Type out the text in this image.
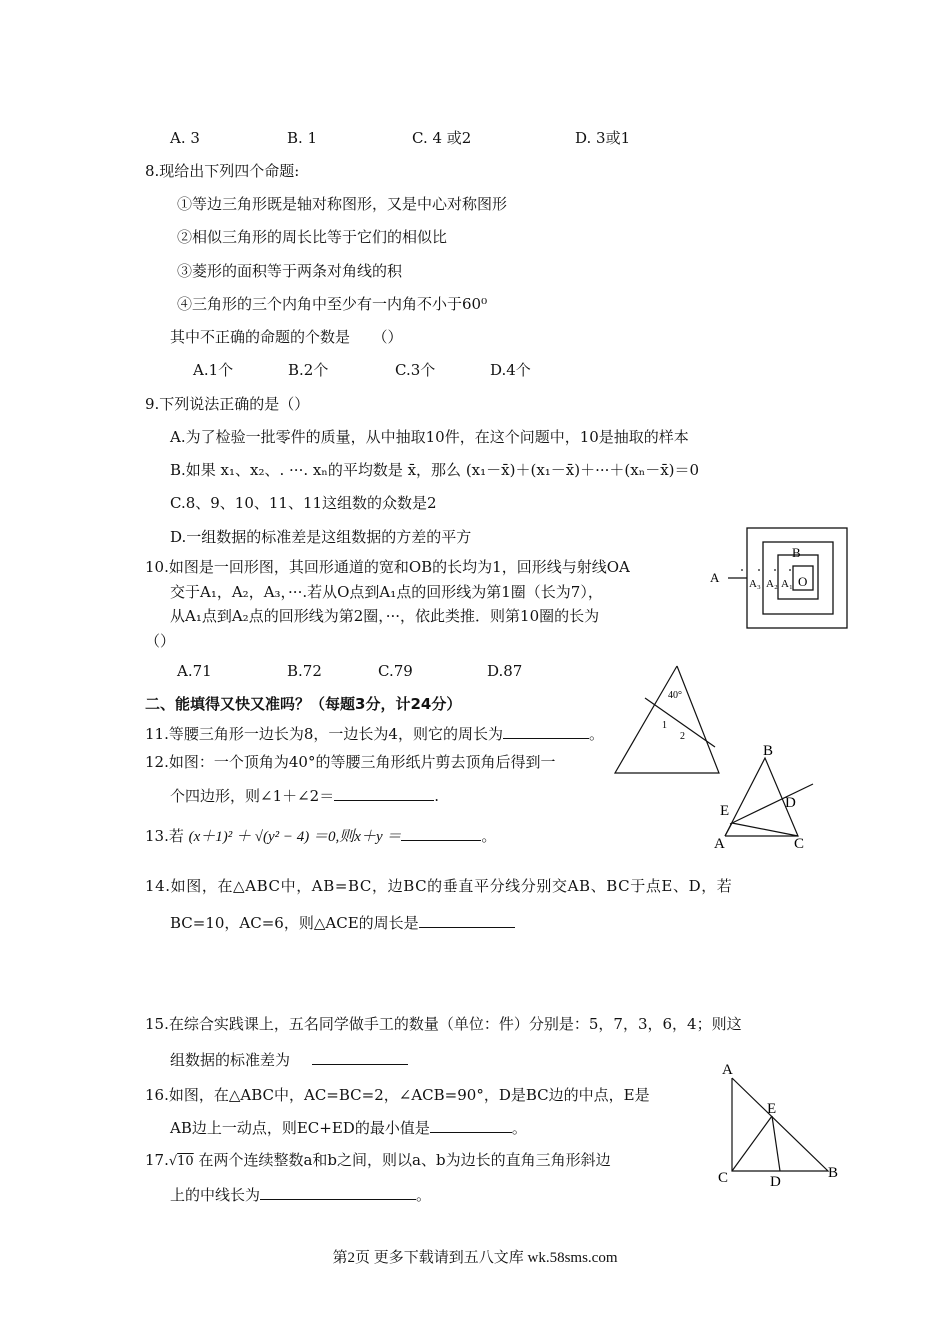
A. 3	B. 1	C. 4 或2	D. 3或1
8.现给出下列四个命题:
①等边三角形既是轴对称图形，又是中心对称图形
②相似三角形的周长比等于它们的相似比
③菱形的面积等于两条对角线的积
④三角形的三个内角中至少有一内角不小于60⁰
其中不正确的命题的个数是　　（）
A.1个	B.2个	C.3个	D.4个
9.下列说法正确的是（）
A.为了检验一批零件的质量，从中抽取10件，在这个问题中，10是抽取的样本
B.如果 x₁、x₂、. ···. xₙ的平均数是 x̄，那么 (x₁－x̄)＋(x₁－x̄)＋···＋(xₙ－x̄)＝0
C.8、9、10、11、11这组数的众数是2
D.一组数据的标准差是这组数据的方差的平方
10.如图是一回形图，其回形通道的宽和OB的长均为1，回形线与射线OA
交于A₁，A₂，A₃，···.若从O点到A₁点的回形线为第1圈（长为7），
从A₁点到A₂点的回形线为第2圈，···，依此类推．则第10圈的长为
（）
A.71	B.72	C.79	D.87
A
B
O
A₁
A₂
A₃
二、能填得又快又准吗？（每题3分，计24分）
11.等腰三角形一边长为8，一边长为4，则它的周长为	。
12.如图：一个顶角为40°的等腰三角形纸片剪去顶角后得到一
个四边形，则∠1＋∠2＝	.
40°
1
2
13.若 (x＋1)² ＋ √(y² − 4) ＝0,则x＋y ＝	。
B
E	D
A	C
14.如图，在△ABC中，AB=BC，边BC的垂直平分线分别交AB、BC于点E、D，若
BC=10，AC=6，则△ACE的周长是
15.在综合实践课上，五名同学做手工的数量（单位：件）分别是：5，7，3，6，4；则这
组数据的标准差为
16.如图，在△ABC中，AC=BC=2，∠ACB=90°，D是BC边的中点，E是
AB边上一动点，则EC+ED的最小值是	。
A
E
C	D
B
17.√10 在两个连续整数a和b之间，则以a、b为边长的直角三角形斜边
上的中线长为	。
第2页 更多下载请到五八文库 wk.58sms.com
